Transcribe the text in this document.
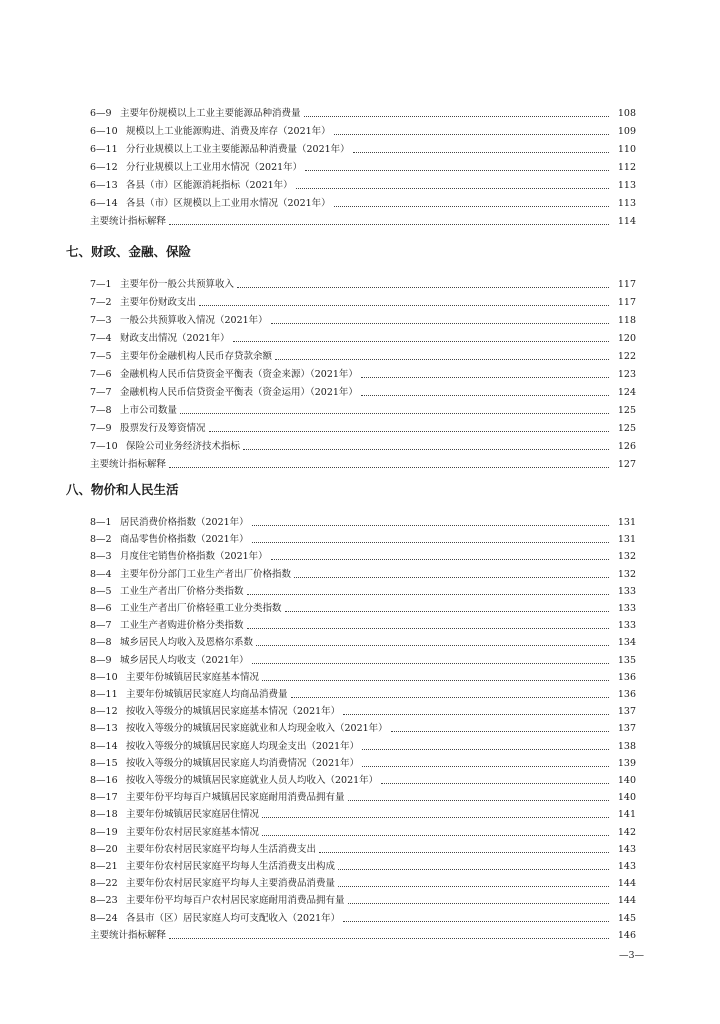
6—9 主要年份规模以上工业主要能源品种消费量	108
6—10 规模以上工业能源购进、消费及库存（2021年）	109
6—11 分行业规模以上工业主要能源品种消费量（2021年）	110
6—12 分行业规模以上工业用水情况（2021年）	112
6—13 各县（市）区能源消耗指标（2021年）	113
6—14 各县（市）区规模以上工业用水情况（2021年）	113
主要统计指标解释	114
七、财政、金融、保险
7—1 主要年份一般公共预算收入	117
7—2 主要年份财政支出	117
7—3 一般公共预算收入情况（2021年）	118
7—4 财政支出情况（2021年）	120
7—5 主要年份金融机构人民币存贷款余额	122
7—6 金融机构人民币信贷资金平衡表（资金来源）（2021年）	123
7—7 金融机构人民币信贷资金平衡表（资金运用）（2021年）	124
7—8 上市公司数量	125
7—9 股票发行及筹资情况	125
7—10 保险公司业务经济技术指标	126
主要统计指标解释	127
八、物价和人民生活
8—1 居民消费价格指数（2021年）	131
8—2 商品零售价格指数（2021年）	131
8—3 月度住宅销售价格指数（2021年）	132
8—4 主要年份分部门工业生产者出厂价格指数	132
8—5 工业生产者出厂价格分类指数	133
8—6 工业生产者出厂价格轻重工业分类指数	133
8—7 工业生产者购进价格分类指数	133
8—8 城乡居民人均收入及恩格尔系数	134
8—9 城乡居民人均收支（2021年）	135
8—10 主要年份城镇居民家庭基本情况	136
8—11 主要年份城镇居民家庭人均商品消费量	136
8—12 按收入等级分的城镇居民家庭基本情况（2021年）	137
8—13 按收入等级分的城镇居民家庭就业和人均现金收入（2021年）	137
8—14 按收入等级分的城镇居民家庭人均现金支出（2021年）	138
8—15 按收入等级分的城镇居民家庭人均消费情况（2021年）	139
8—16 按收入等级分的城镇居民家庭就业人员人均收入（2021年）	140
8—17 主要年份平均每百户城镇居民家庭耐用消费品拥有量	140
8—18 主要年份城镇居民家庭居住情况	141
8—19 主要年份农村居民家庭基本情况	142
8—20 主要年份农村居民家庭平均每人生活消费支出	143
8—21 主要年份农村居民家庭平均每人生活消费支出构成	143
8—22 主要年份农村居民家庭平均每人主要消费品消费量	144
8—23 主要年份平均每百户农村居民家庭耐用消费品拥有量	144
8—24 各县市（区）居民家庭人均可支配收入（2021年）	145
主要统计指标解释	146
—3—
